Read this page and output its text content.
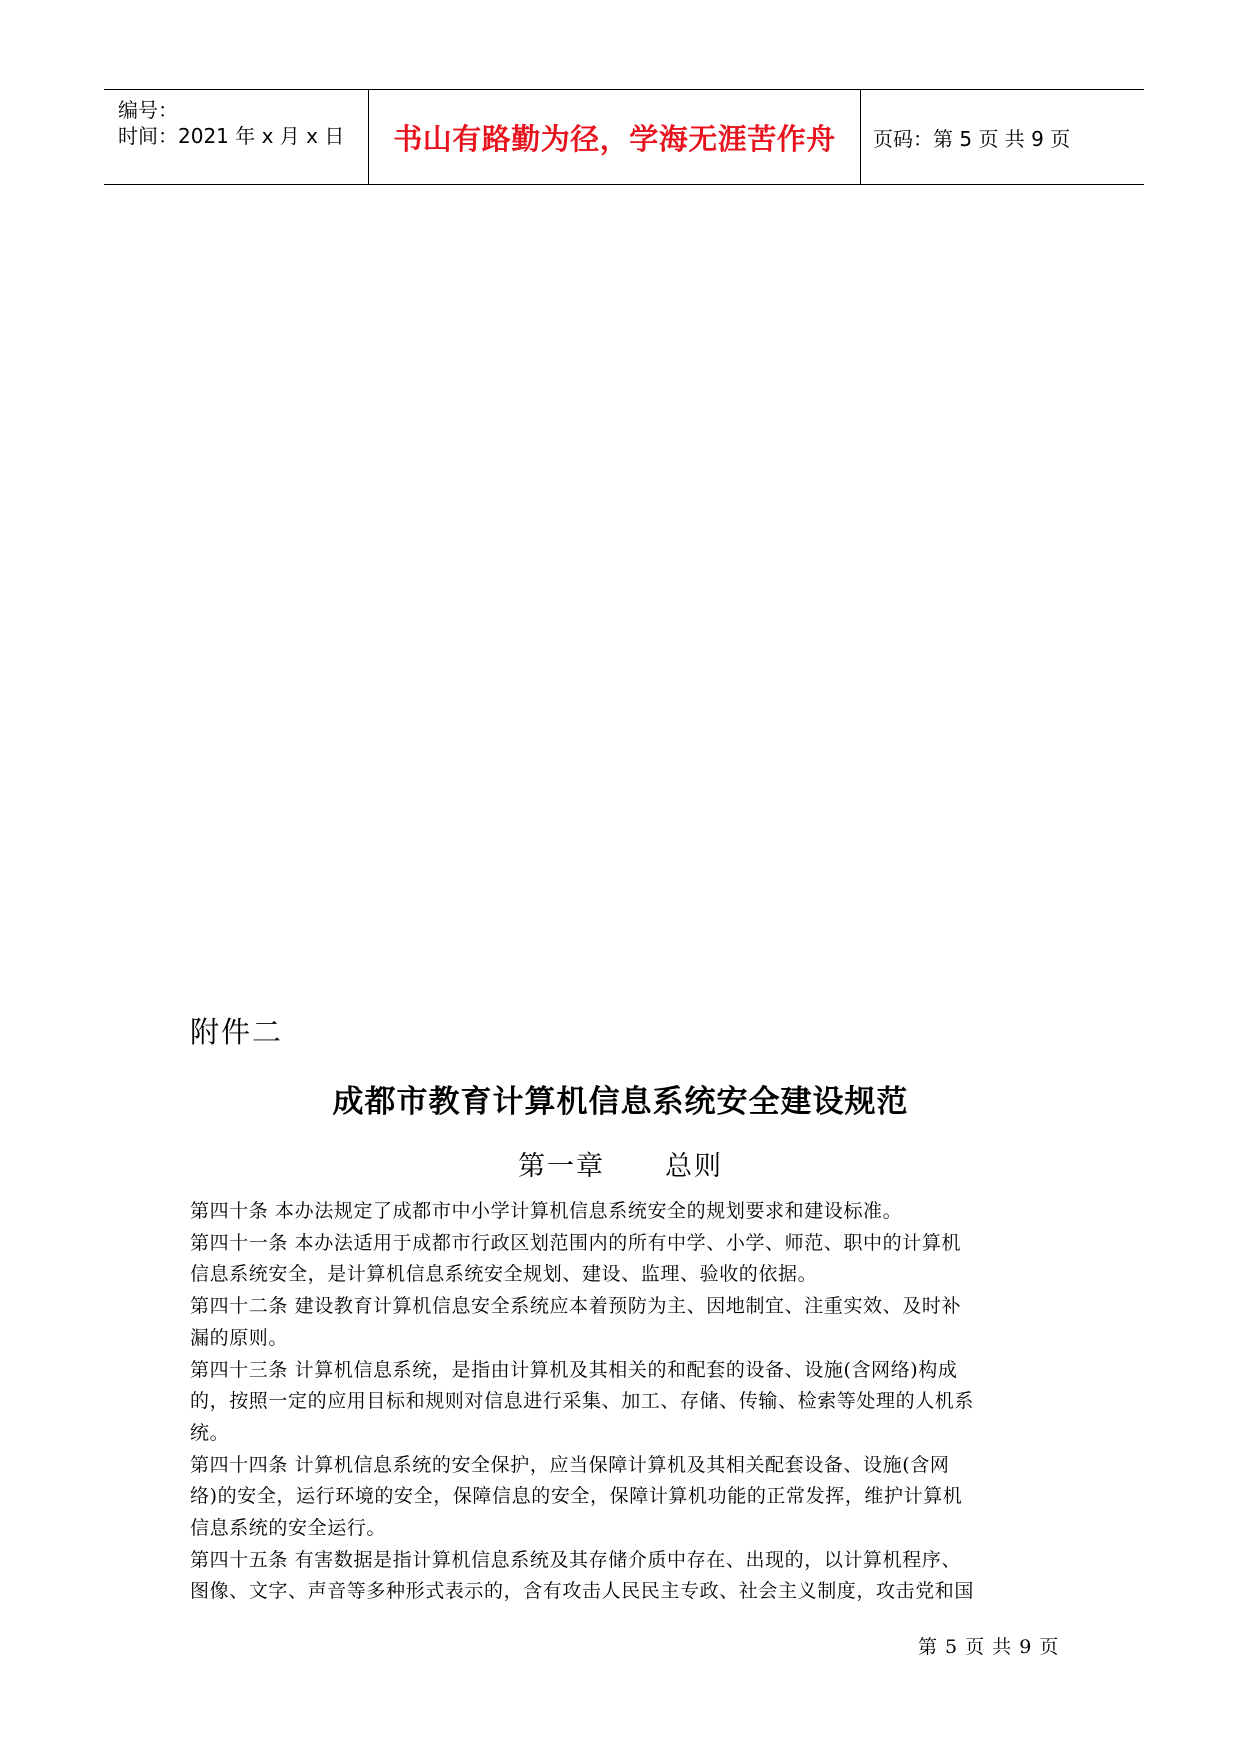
编号：
时间：2021 年 x 月 x 日 书山有路勤为径，学海无涯苦作舟 页码：第 5 页 共 9 页
附件二
成都市教育计算机信息系统安全建设规范
第一章 总则
第四十条 本办法规定了成都市中小学计算机信息系统安全的规划要求和建设标准。
第四十一条 本办法适用于成都市行政区划范围内的所有中学、小学、师范、职中的计算机
信息系统安全，是计算机信息系统安全规划、建设、监理、验收的依据。
第四十二条 建设教育计算机信息安全系统应本着预防为主、因地制宜、注重实效、及时补
漏的原则。
第四十三条 计算机信息系统，是指由计算机及其相关的和配套的设备、设施(含网络)构成
的，按照一定的应用目标和规则对信息进行采集、加工、存储、传输、检索等处理的人机系
统。
第四十四条 计算机信息系统的安全保护，应当保障计算机及其相关配套设备、设施(含网
络)的安全，运行环境的安全，保障信息的安全，保障计算机功能的正常发挥，维护计算机
信息系统的安全运行。
第四十五条 有害数据是指计算机信息系统及其存储介质中存在、出现的，以计算机程序、
图像、文字、声音等多种形式表示的，含有攻击人民民主专政、社会主义制度，攻击党和国
第 5 页 共 9 页
